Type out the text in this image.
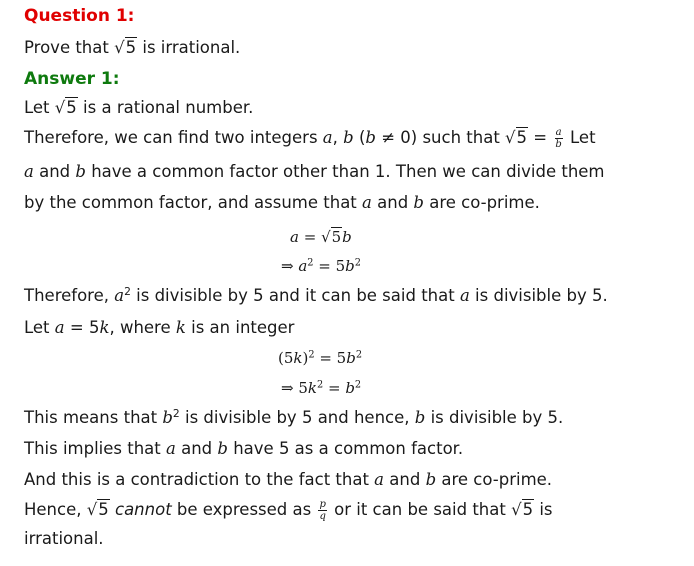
Question 1:
Prove that √5 is irrational.
Answer 1:
Let √5 is a rational number.
Therefore, we can find two integers a, b (b ≠ 0) such that $√5 = \frac{a}{b}$ Let
a and b have a common factor other than 1. Then we can divide them
by the common factor, and assume that a and b are co-prime.
a = √5b
⇒ $a^2 = 5b^2$
Therefore, $a^2$ is divisible by 5 and it can be said that a is divisible by 5.
Let a = 5k, where k is an integer
$(5k)^2 = 5b^2$
⇒ $5k^2 = b^2$
This means that $b^2$ is divisible by 5 and hence, b is divisible by 5.
This implies that a and b have 5 as a common factor.
And this is a contradiction to the fact that a and b are co-prime.
Hence, √5 cannot be expressed as $\frac{p}{q}$ or it can be said that √5 is
irrational.
